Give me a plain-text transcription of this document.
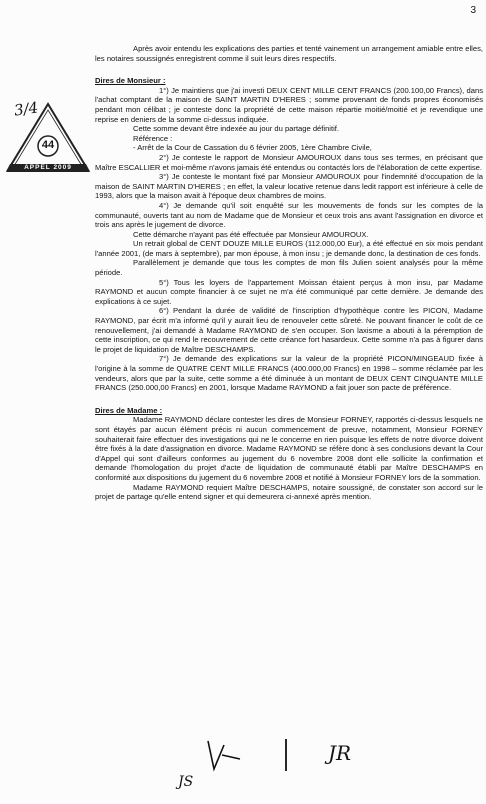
3
3/4
44
APPEL 2009

Après avoir entendu les explications des parties et tenté vainement un arrangement amiable entre elles, les notaires soussignés enregistrent comme il suit leurs dires respectifs.

Dires de Monsieur :

1°) Je maintiens que j'ai investi DEUX CENT MILLE CENT FRANCS (200.100,00 Francs), dans l'achat comptant de la maison de SAINT MARTIN D'HERES ; somme provenant de fonds propres économisés pendant mon célibat ; je conteste donc la propriété de cette maison répartie moitié/moitié et je revendique une reprise en deniers de la somme ci-dessus indiquée.

Cette somme devant être indexée au jour du partage définitif.

Référence :

- Arrêt de la Cour de Cassation du 6 février 2005, 1ère Chambre Civile,

2°) Je conteste le rapport de Monsieur AMOUROUX dans tous ses termes, en précisant que Maître ESCALLIER et moi-même n'avons jamais été entendus ou contactés lors de l'élaboration de cette expertise.

3°) Je conteste le montant fixé par Monsieur AMOUROUX pour l'indemnité d'occupation de la maison de SAINT MARTIN D'HERES ; en effet, la valeur locative retenue dans ledit rapport est inférieure à celle de 1993, alors que la maison avait à l'époque deux chambres de moins.

4°) Je demande qu'il soit enquêté sur les mouvements de fonds sur les comptes de la communauté, ouverts tant au nom de Madame que de Monsieur et ceux trois ans avant l'assignation en divorce et trois ans après le jugement de divorce.

Cette démarche n'ayant pas été effectuée par Monsieur AMOUROUX.

Un retrait global de CENT DOUZE MILLE EUROS (112.000,00 Eur), a été effectué en six mois pendant l'année 2001, (de mars à septembre), par mon épouse, à mon insu ; je demande donc, la destination de ces fonds.

Parallèlement je demande que tous les comptes de mon fils Julien soient analysés pour la même période.

5°) Tous les loyers de l'appartement Moissan étaient perçus à mon insu, par Madame RAYMOND et aucun compte financier à ce sujet ne m'a été communiqué par cette dernière. Je demande des explications à ce sujet.

6°) Pendant la durée de validité de l'inscription d'hypothèque contre les PICON, Madame RAYMOND, par écrit m'a informé qu'il y aurait lieu de renouveler cette sûreté. Ne pouvant financer le coût de ce renouvellement, j'ai demandé à Madame RAYMOND de s'en occuper. Son laxisme a abouti à la péremption de cette inscription, ce qui rend le recouvrement de cette créance fort hasardeux. Cette somme n'a pas à figurer dans le projet de liquidation de Maître DESCHAMPS.

7°) Je demande des explications sur la valeur de la propriété PICON/MINGEAUD fixée à l'origine à la somme de QUATRE CENT MILLE FRANCS (400.000,00 Francs) en 1998 – somme réclamée par les vendeurs, alors que par la suite, cette somme a été diminuée à un montant de DEUX CENT CINQUANTE MILLE FRANCS (250.000,00 Francs) en 2001, lorsque Madame RAYMOND a fait jouer son pacte de préférence.

Dires de Madame :

Madame RAYMOND déclare contester les dires de Monsieur FORNEY, rapportés ci-dessus lesquels ne sont étayés par aucun élément précis ni aucun commencement de preuve, notamment, Monsieur FORNEY souhaiterait faire effectuer des investigations qui ne le concerne en rien puisque les effets de notre divorce doivent être fixés à la date d'assignation en divorce. Madame RAYMOND se réfère donc à ses conclusions devant la Cour d'Appel qui sont d'ailleurs conformes au jugement du 6 novembre 2008 dont elle sollicite la confirmation et demande l'homologation du projet d'acte de liquidation de communauté établi par Maître DESCHAMPS en conformité aux dispositions du jugement du 6 novembre 2008 et notifié à Monsieur FORNEY lors de la sommation.

Madame RAYMOND requiert Maître DESCHAMPS, notaire soussigné, de constater son accord sur le projet de partage qu'elle entend signer et qui demeurera ci-annexé après mention.

JR
JS
